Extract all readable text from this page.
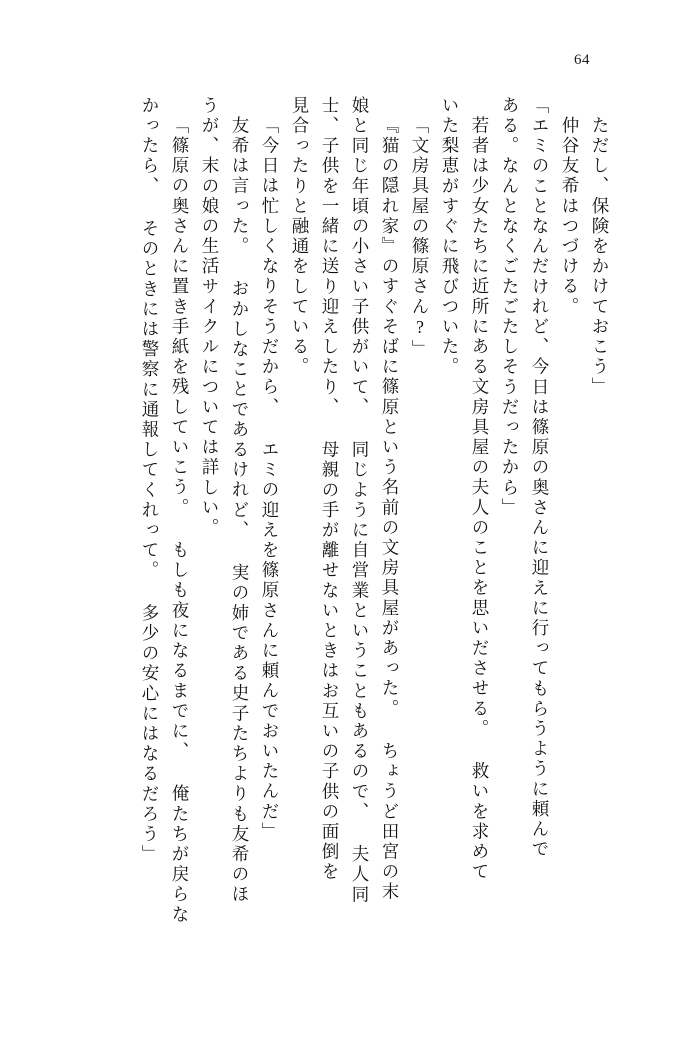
64
ただし、保険をかけておこう」
仲谷友希はつづける。
「エミのことなんだけれど、今日は篠原の奥さんに迎えに行ってもらうように頼んで
ある。なんとなくごたごたしそうだったから」
若者は少女たちに近所にある文房具屋の夫人のことを思いださせる。 救いを求めて
いた梨恵がすぐに飛びついた。
「文房具屋の篠原さん?」
『猫の隠れ家』のすぐそばに篠原という名前の文房具屋があった。 ちょうど田宮の末
娘と同じ年頃の小さい子供がいて、 同じように自営業ということもあるので、 夫人同
士、子供を一緒に送り迎えしたり、 母親の手が離せないときはお互いの子供の面倒を
見合ったりと融通をしている。
「今日は忙しくなりそうだから、 エミの迎えを篠原さんに頼んでおいたんだ」
友希は言った。 おかしなことであるけれど、 実の姉である史子たちよりも友希のほ
うが、末の娘の生活サイクルについては詳しい。
「篠原の奥さんに置き手紙を残していこう。 もしも夜になるまでに、 俺たちが戻らな
かったら、 そのときには警察に通報してくれって。 多少の安心にはなるだろう」
